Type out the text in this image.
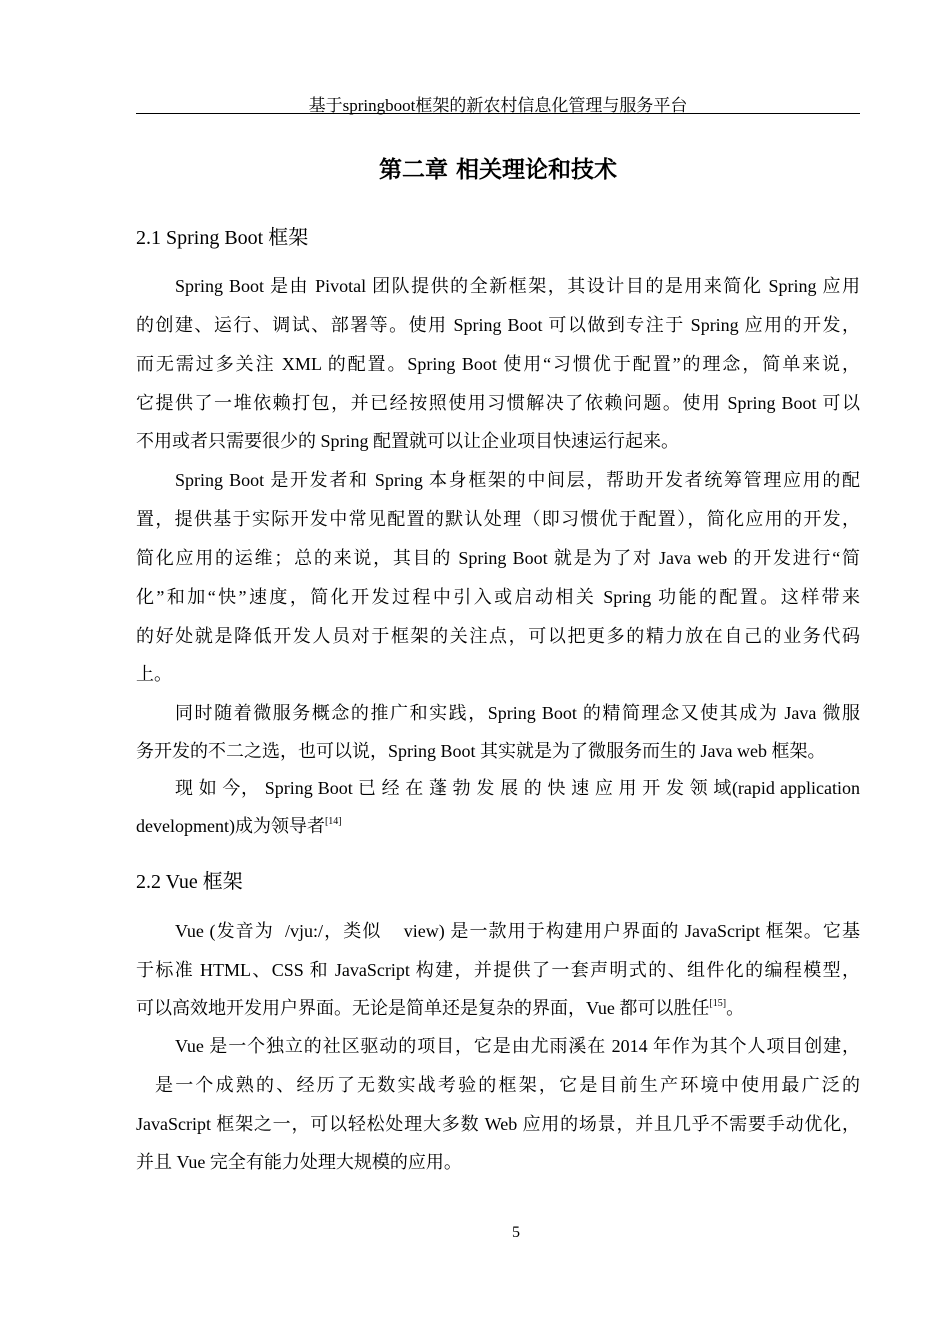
基于springboot框架的新农村信息化管理与服务平台
第二章 相关理论和技术
2.1 Spring Boot 框架
Spring Boot 是由 Pivotal 团队提供的全新框架，其设计目的是用来简化 Spring 应用
的创建、运行、调试、部署等。使用 Spring Boot 可以做到专注于 Spring 应用的开发，
而无需过多关注 XML 的配置。Spring Boot 使用“习惯优于配置”的理念，简单来说，
它提供了一堆依赖打包，并已经按照使用习惯解决了依赖问题。使用 Spring Boot 可以
不用或者只需要很少的 Spring 配置就可以让企业项目快速运行起来。
Spring Boot 是开发者和 Spring 本身框架的中间层，帮助开发者统筹管理应用的配
置，提供基于实际开发中常见配置的默认处理（即习惯优于配置），简化应用的开发，
简化应用的运维；总的来说，其目的 Spring Boot 就是为了对 Java web 的开发进行“简
化”和加“快”速度，简化开发过程中引入或启动相关 Spring 功能的配置。这样带来
的好处就是降低开发人员对于框架的关注点，可以把更多的精力放在自己的业务代码
上。
同时随着微服务概念的推广和实践，Spring Boot 的精简理念又使其成为 Java 微服
务开发的不二之选，也可以说，Spring Boot 其实就是为了微服务而生的 Java web 框架。
现 如 今， Spring Boot 已 经 在 蓬 勃 发 展 的 快 速 应 用 开 发 领 域(rapid application
development)成为领导者[14]
2.2 Vue 框架
Vue (发音为  /vju:/，类似    view) 是一款用于构建用户界面的 JavaScript 框架。它基
于标准 HTML、CSS 和 JavaScript 构建，并提供了一套声明式的、组件化的编程模型，
可以高效地开发用户界面。无论是简单还是复杂的界面，Vue 都可以胜任[15]。
Vue 是一个独立的社区驱动的项目，它是由尤雨溪在 2014 年作为其个人项目创建，
是一个成熟的、经历了无数实战考验的框架，它是目前生产环境中使用最广泛的
JavaScript 框架之一，可以轻松处理大多数 Web 应用的场景，并且几乎不需要手动优化，
并且 Vue 完全有能力处理大规模的应用。
5
